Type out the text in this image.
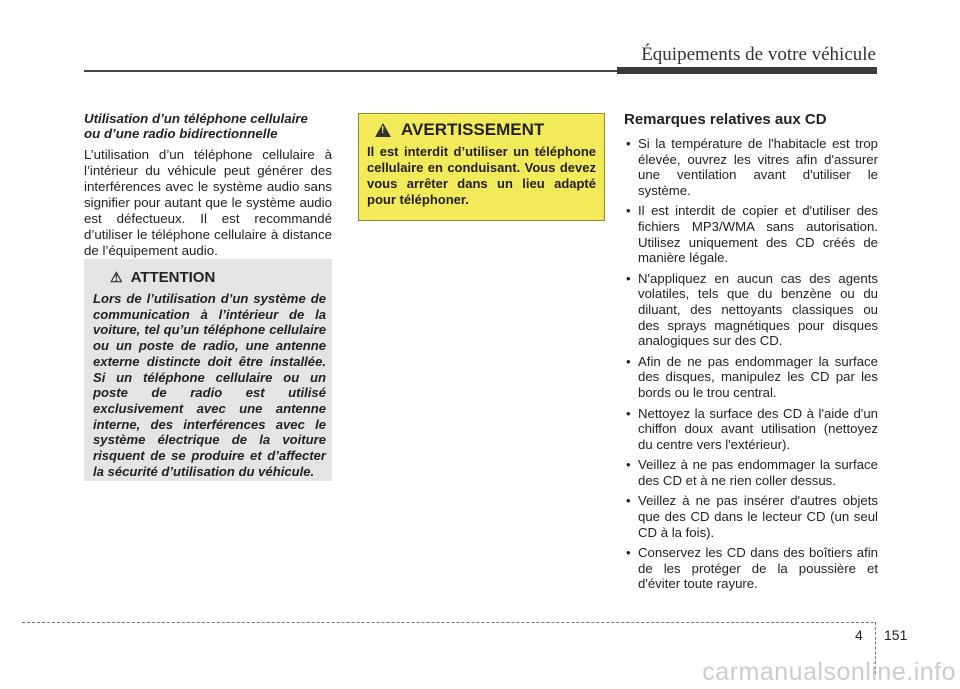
Équipements de votre véhicule

Utilisation d’un téléphone cellulaire
ou d’une radio bidirectionnelle

L’utilisation d’un téléphone cellulaire à l’intérieur du véhicule peut générer des interférences avec le système audio sans signifier pour autant que le système audio est défectueux. Il est recommandé d’utiliser le téléphone cellulaire à distance de l’équipement audio.

⚠ ATTENTION
Lors de l’utilisation d’un système de communication à l’intérieur de la voiture, tel qu’un téléphone cellulaire ou un poste de radio, une antenne externe distincte doit être installée. Si un téléphone cellulaire ou un poste de radio est utilisé exclusivement avec une antenne interne, des interférences avec le système électrique de la voiture risquent de se produire et d’affecter la sécurité d’utilisation du véhicule.
! AVERTISSEMENT
Il est interdit d’utiliser un téléphone cellulaire en conduisant. Vous devez vous arrêter dans un lieu adapté pour téléphoner.
Remarques relatives aux CD
• Si la température de l'habitacle est trop élevée, ouvrez les vitres afin d'assurer une ventilation avant d'utiliser le système.
• Il est interdit de copier et d'utiliser des fichiers MP3/WMA sans autorisation. Utilisez uniquement des CD créés de manière légale.
• N'appliquez en aucun cas des agents volatiles, tels que du benzène ou du diluant, des nettoyants classiques ou des sprays magnétiques pour disques analogiques sur des CD.
• Afin de ne pas endommager la surface des disques, manipulez les CD par les bords ou le trou central.
• Nettoyez la surface des CD à l'aide d'un chiffon doux avant utilisation (nettoyez du centre vers l'extérieur).
• Veillez à ne pas endommager la surface des CD et à ne rien coller dessus.
• Veillez à ne pas insérer d'autres objets que des CD dans le lecteur CD (un seul CD à la fois).
• Conservez les CD dans des boîtiers afin de les protéger de la poussière et d'éviter toute rayure.
4 151
carmanualsonline.info
